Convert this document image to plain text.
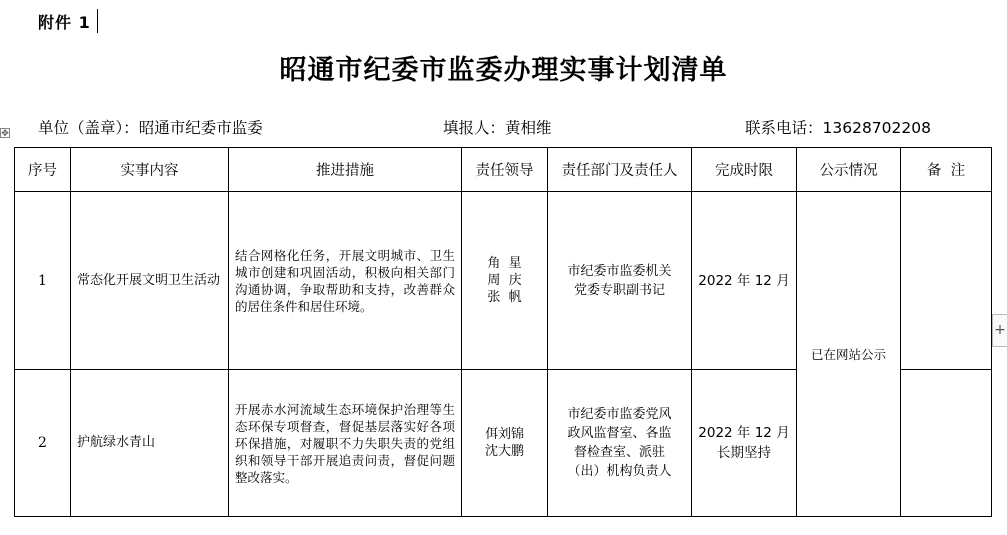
附件 1
昭通市纪委市监委办理实事计划清单
单位（盖章）：昭通市纪委市监委	填报人：黄相维	联系电话：13628702208
✥
+
序号	实事内容	推进措施	责任领导	责任部门及责任人	完成时限	公示情况	备  注
1	常态化开展文明卫生活动	结合网格化任务，开展文明城市、卫生城市创建和巩固活动，积极向相关部门沟通协调，争取帮助和支持，改善群众的居住条件和居住环境。	角  星
周  庆
张  帆	市纪委市监委机关
党委专职副书记	2022 年 12 月	已在网站公示	
2	护航绿水青山	开展赤水河流域生态环境保护治理等生态环保专项督查，督促基层落实好各项环保措施，对履职不力失职失责的党组织和领导干部开展追责问责，督促问题整改落实。	佴刘锦
沈大鹏	市纪委市监委党风
政风监督室、各监
督检查室、派驻
（出）机构负责人	2022 年 12 月
长期坚持		
